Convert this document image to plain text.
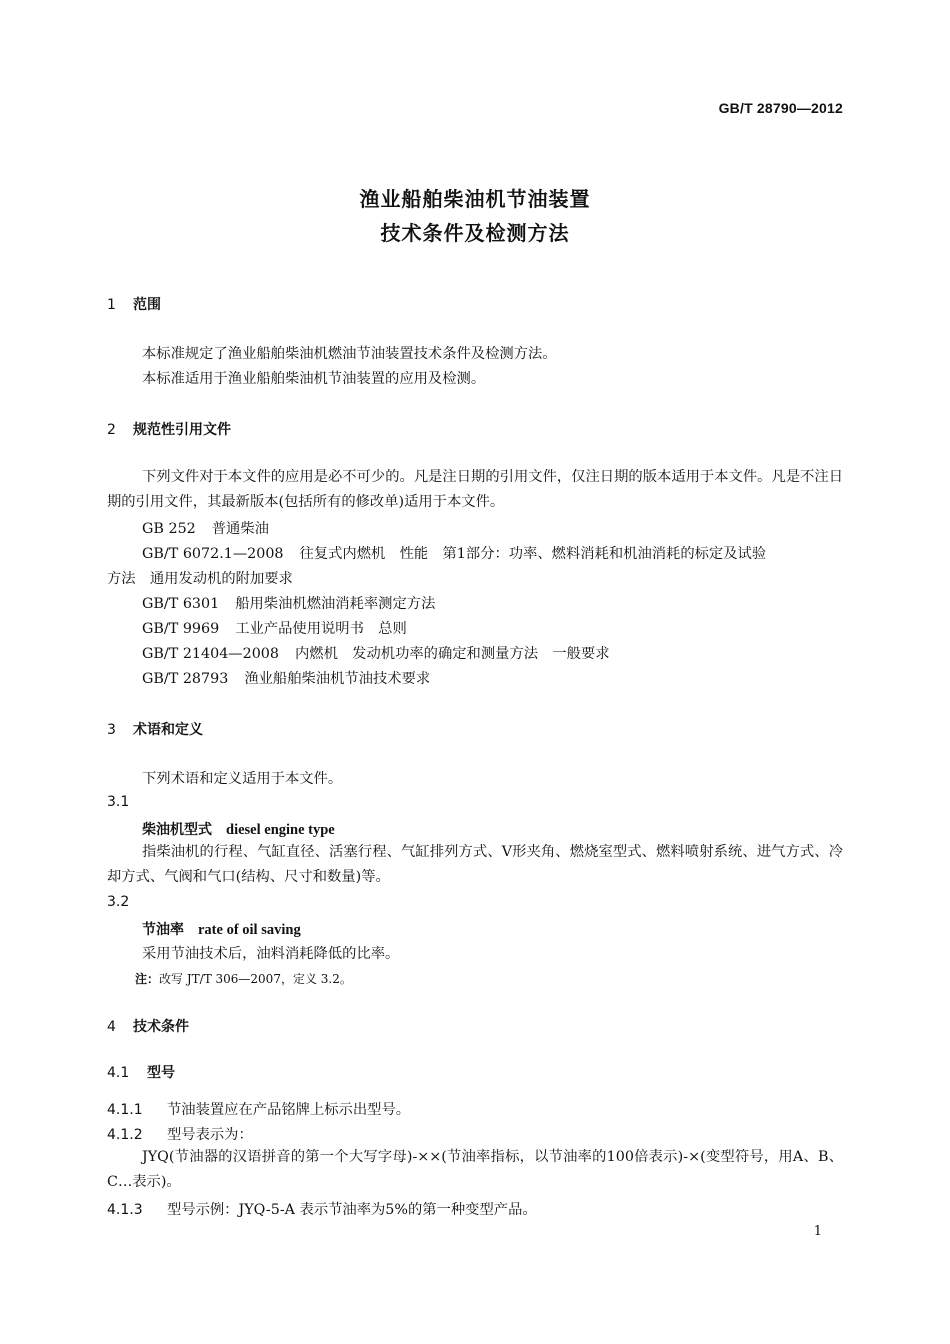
GB/T 28790—2012
渔业船舶柴油机节油装置
技术条件及检测方法
1 范围
本标准规定了渔业船舶柴油机燃油节油装置技术条件及检测方法。
本标准适用于渔业船舶柴油机节油装置的应用及检测。
2 规范性引用文件
下列文件对于本文件的应用是必不可少的。凡是注日期的引用文件，仅注日期的版本适用于本文件。凡是不注日期的引用文件，其最新版本(包括所有的修改单)适用于本文件。
GB 252 普通柴油
GB/T 6072.1—2008 往复式内燃机　性能　第1部分：功率、燃料消耗和机油消耗的标定及试验
方法　通用发动机的附加要求
GB/T 6301 船用柴油机燃油消耗率测定方法
GB/T 9969 工业产品使用说明书　总则
GB/T 21404—2008 内燃机　发动机功率的确定和测量方法　一般要求
GB/T 28793 渔业船舶柴油机节油技术要求
3 术语和定义
下列术语和定义适用于本文件。
3.1
柴油机型式 diesel engine type
指柴油机的行程、气缸直径、活塞行程、气缸排列方式、V形夹角、燃烧室型式、燃料喷射系统、进气方式、冷却方式、气阀和气口(结构、尺寸和数量)等。
3.2
节油率 rate of oil saving
采用节油技术后，油料消耗降低的比率。
注：改写 JT/T 306—2007，定义 3.2。
4 技术条件
4.1 型号
4.1.1 节油装置应在产品铭牌上标示出型号。
4.1.2 型号表示为：
JYQ(节油器的汉语拼音的第一个大写字母)-××(节油率指标，以节油率的100倍表示)-×(变型符号，用A、B、C…表示)。
4.1.3 型号示例：JYQ-5-A 表示节油率为5%的第一种变型产品。
1
